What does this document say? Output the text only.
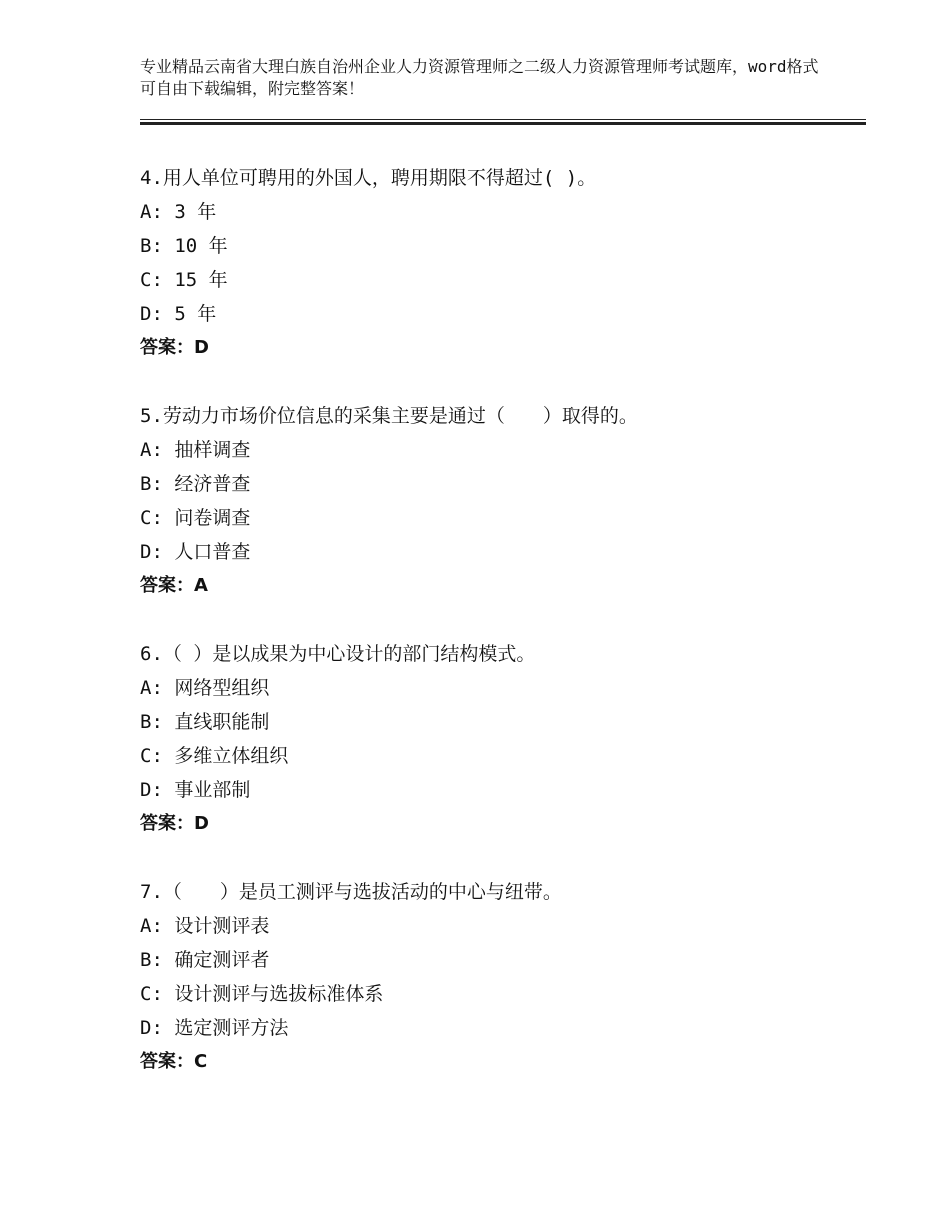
专业精品云南省大理白族自治州企业人力资源管理师之二级人力资源管理师考试题库，word格式可自由下载编辑，附完整答案！
4.用人单位可聘用的外国人，聘用期限不得超过( )。
A: 3 年
B: 10 年
C: 15 年
D: 5 年
答案：D
5.劳动力市场价位信息的采集主要是通过（　　）取得的。
A: 抽样调查
B: 经济普查
C: 问卷调查
D: 人口普查
答案：A
6.（ ）是以成果为中心设计的部门结构模式。
A: 网络型组织
B: 直线职能制
C: 多维立体组织
D: 事业部制
答案：D
7.（　　）是员工测评与选拔活动的中心与纽带。
A: 设计测评表
B: 确定测评者
C: 设计测评与选拔标准体系
D: 选定测评方法
答案：C
